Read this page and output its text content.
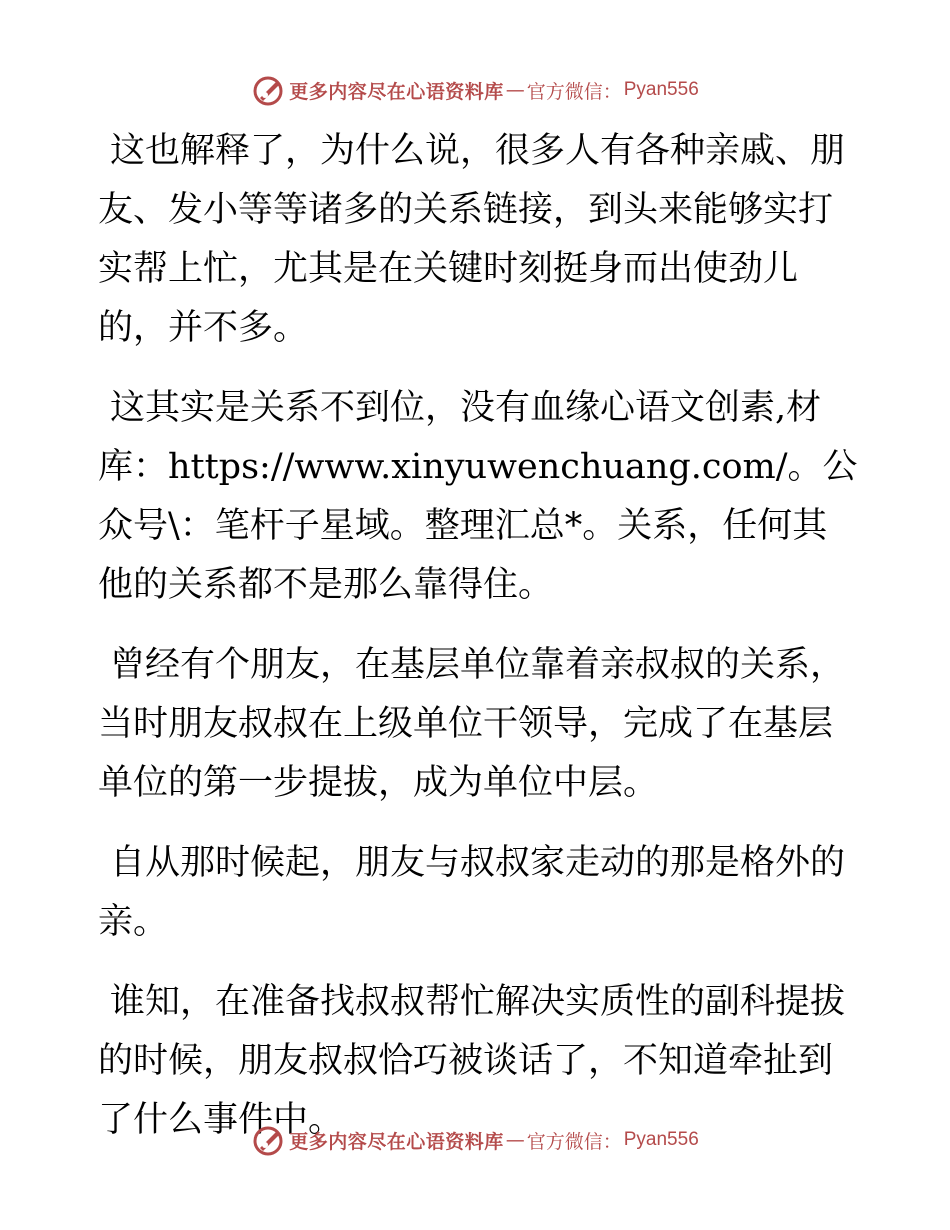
更多内容尽在心语资料库 — 官方微信： Pyan556

这也解释了，为什么说，很多人有各种亲戚、朋友、发小等等诸多的关系链接，到头来能够实打实帮上忙，尤其是在关键时刻挺身而出使劲儿的，并不多。

这其实是关系不到位，没有血缘心语文创素,材库：https://www.xinyuwenchuang.com/。公众号\：笔杆子星域。整理汇总*。关系，任何其他的关系都不是那么靠得住。

曾经有个朋友，在基层单位靠着亲叔叔的关系，当时朋友叔叔在上级单位干领导，完成了在基层单位的第一步提拔，成为单位中层。

自从那时候起，朋友与叔叔家走动的那是格外的亲。

谁知，在准备找叔叔帮忙解决实质性的副科提拔的时候，朋友叔叔恰巧被谈话了，不知道牵扯到了什么事件中。

更多内容尽在心语资料库 — 官方微信： Pyan556
